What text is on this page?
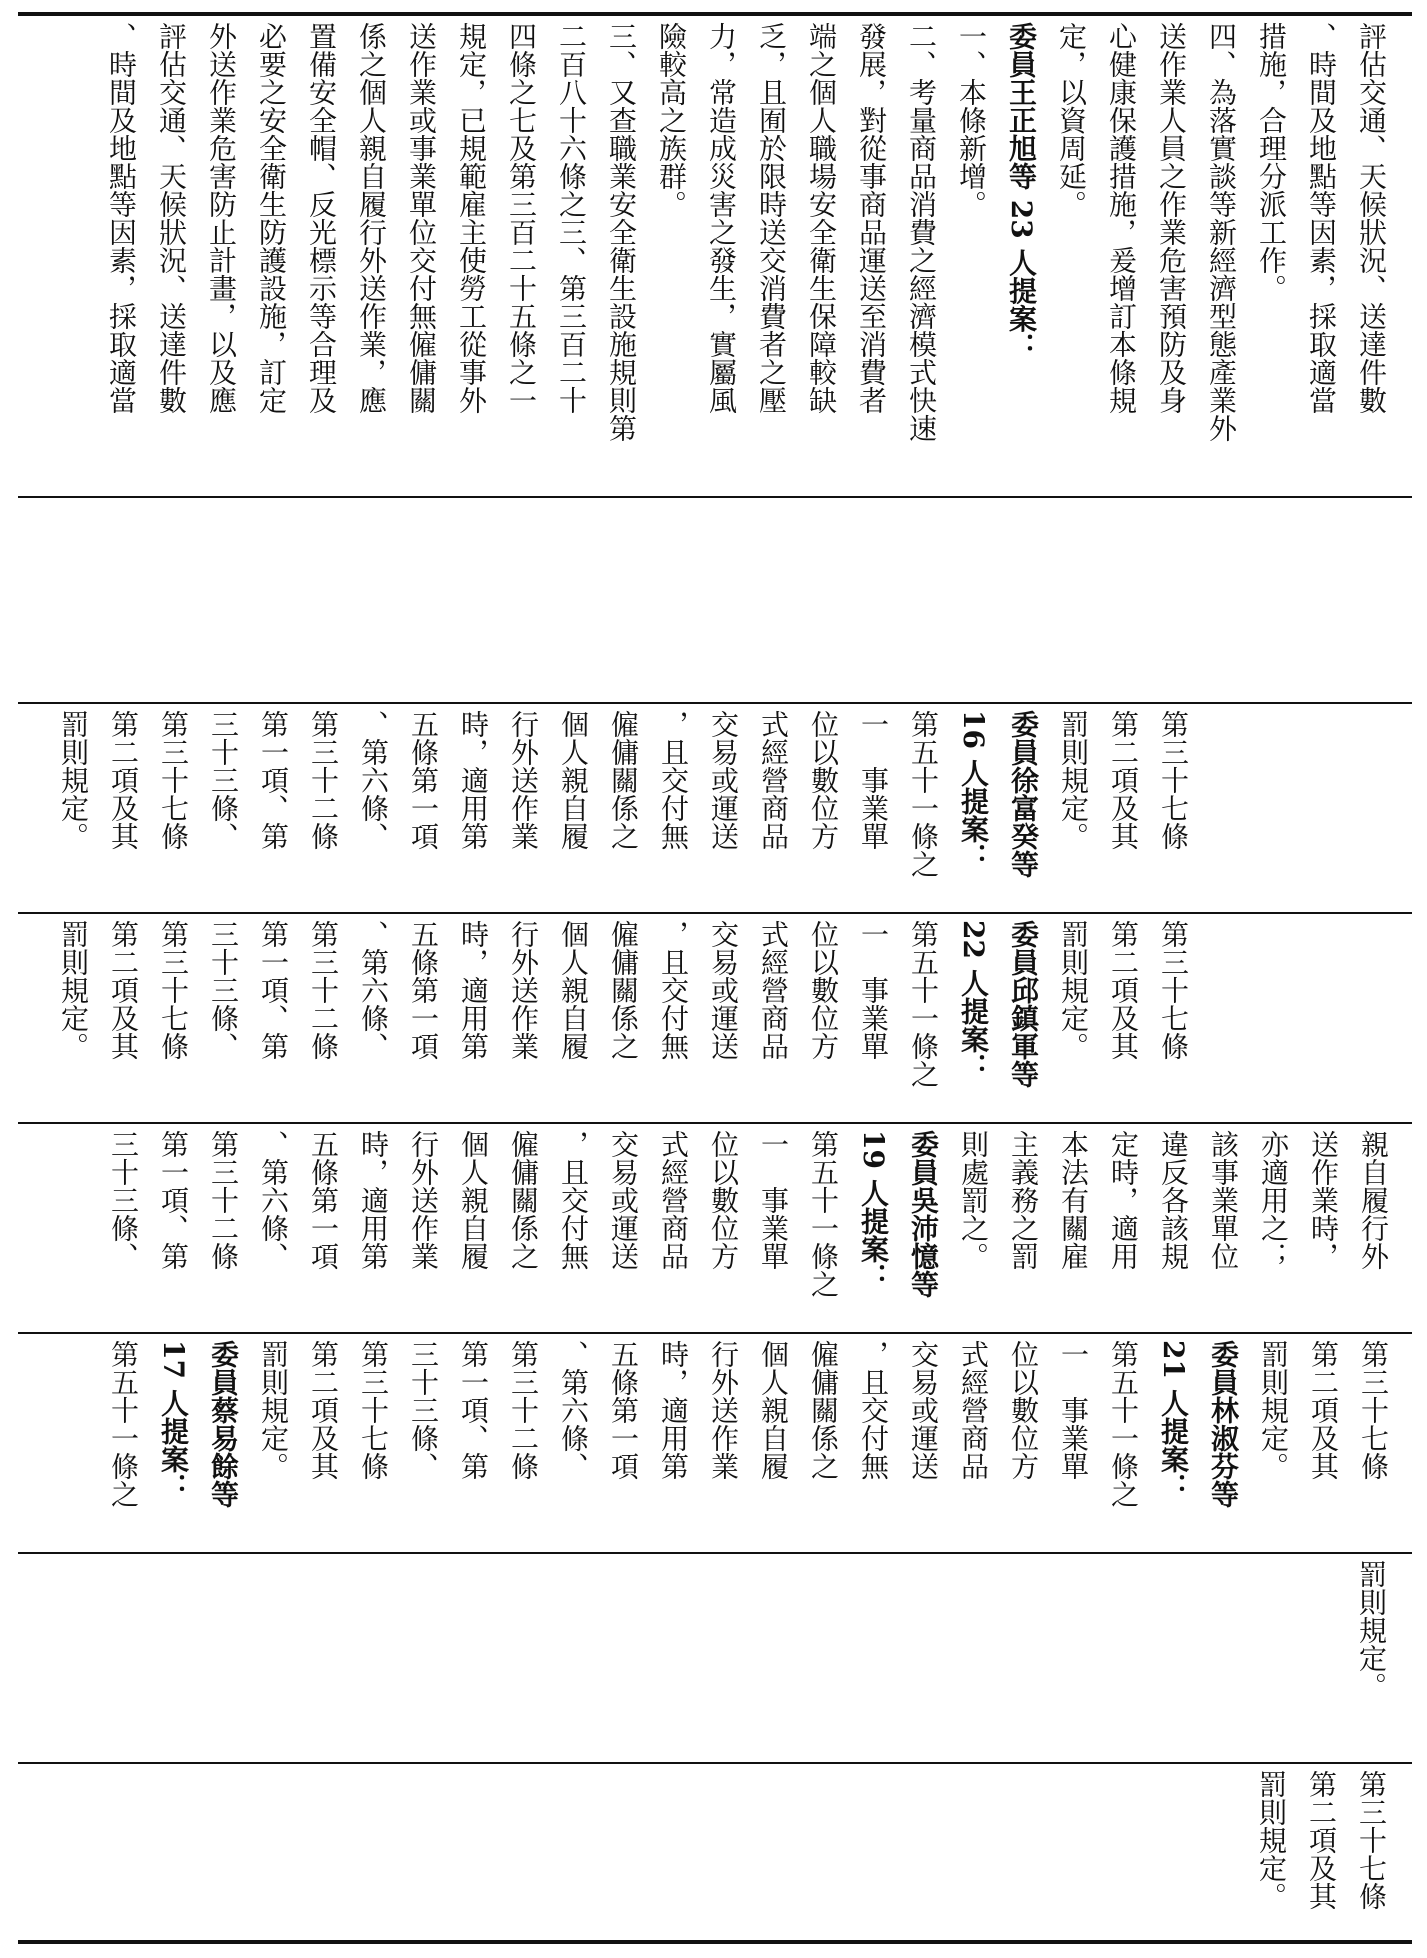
評估交通、天候狀況、送達件數
、時間及地點等因素，採取適當
措施，合理分派工作。
四、為落實談等新經濟型態產業外
送作業人員之作業危害預防及身
心健康保護措施，爰增訂本條規
定，以資周延。
委員王正旭等 23 人提案：
一、本條新增。
二、考量商品消費之經濟模式快速
發展，對從事商品運送至消費者
端之個人職場安全衛生保障較缺
乏，且囿於限時送交消費者之壓
力，常造成災害之發生，實屬風
險較高之族群。
三、又查職業安全衛生設施規則第
二百八十六條之三、第三百二十
四條之七及第三百二十五條之一
規定，已規範雇主使勞工從事外
送作業或事業單位交付無僱傭關
係之個人親自履行外送作業，應
置備安全帽、反光標示等合理及
必要之安全衛生防護設施，訂定
外送作業危害防止計畫，以及應
評估交通、天候狀況、送達件數
、時間及地點等因素，採取適當
第三十七條
第二項及其
罰則規定。
委員徐富癸等
16 人提案：
第五十一條之
一　事業單
位以數位方
式經營商品
交易或運送
，且交付無
僱傭關係之
個人親自履
行外送作業
時，適用第
五條第一項
、第六條、
第三十二條
第一項、第
三十三條、
第三十七條
第二項及其
罰則規定。
第三十七條
第二項及其
罰則規定。
委員邱鎮軍等
22 人提案：
第五十一條之
一　事業單
位以數位方
式經營商品
交易或運送
，且交付無
僱傭關係之
個人親自履
行外送作業
時，適用第
五條第一項
、第六條、
第三十二條
第一項、第
三十三條、
第三十七條
第二項及其
罰則規定。
親自履行外
送作業時，
亦適用之；
該事業單位
違反各該規
定時，適用
本法有關雇
主義務之罰
則處罰之。
委員吳沛憶等
19 人提案：
第五十一條之
一　事業單
位以數位方
式經營商品
交易或運送
，且交付無
僱傭關係之
個人親自履
行外送作業
時，適用第
五條第一項
、第六條、
第三十二條
第一項、第
三十三條、
第三十七條
第二項及其
罰則規定。
委員林淑芬等
21 人提案：
第五十一條之
一　事業單
位以數位方
式經營商品
交易或運送
，且交付無
僱傭關係之
個人親自履
行外送作業
時，適用第
五條第一項
、第六條、
第三十二條
第一項、第
三十三條、
第三十七條
第二項及其
罰則規定。
委員蔡易餘等
17 人提案：
第五十一條之
罰則規定。
第三十七條
第二項及其
罰則規定。
